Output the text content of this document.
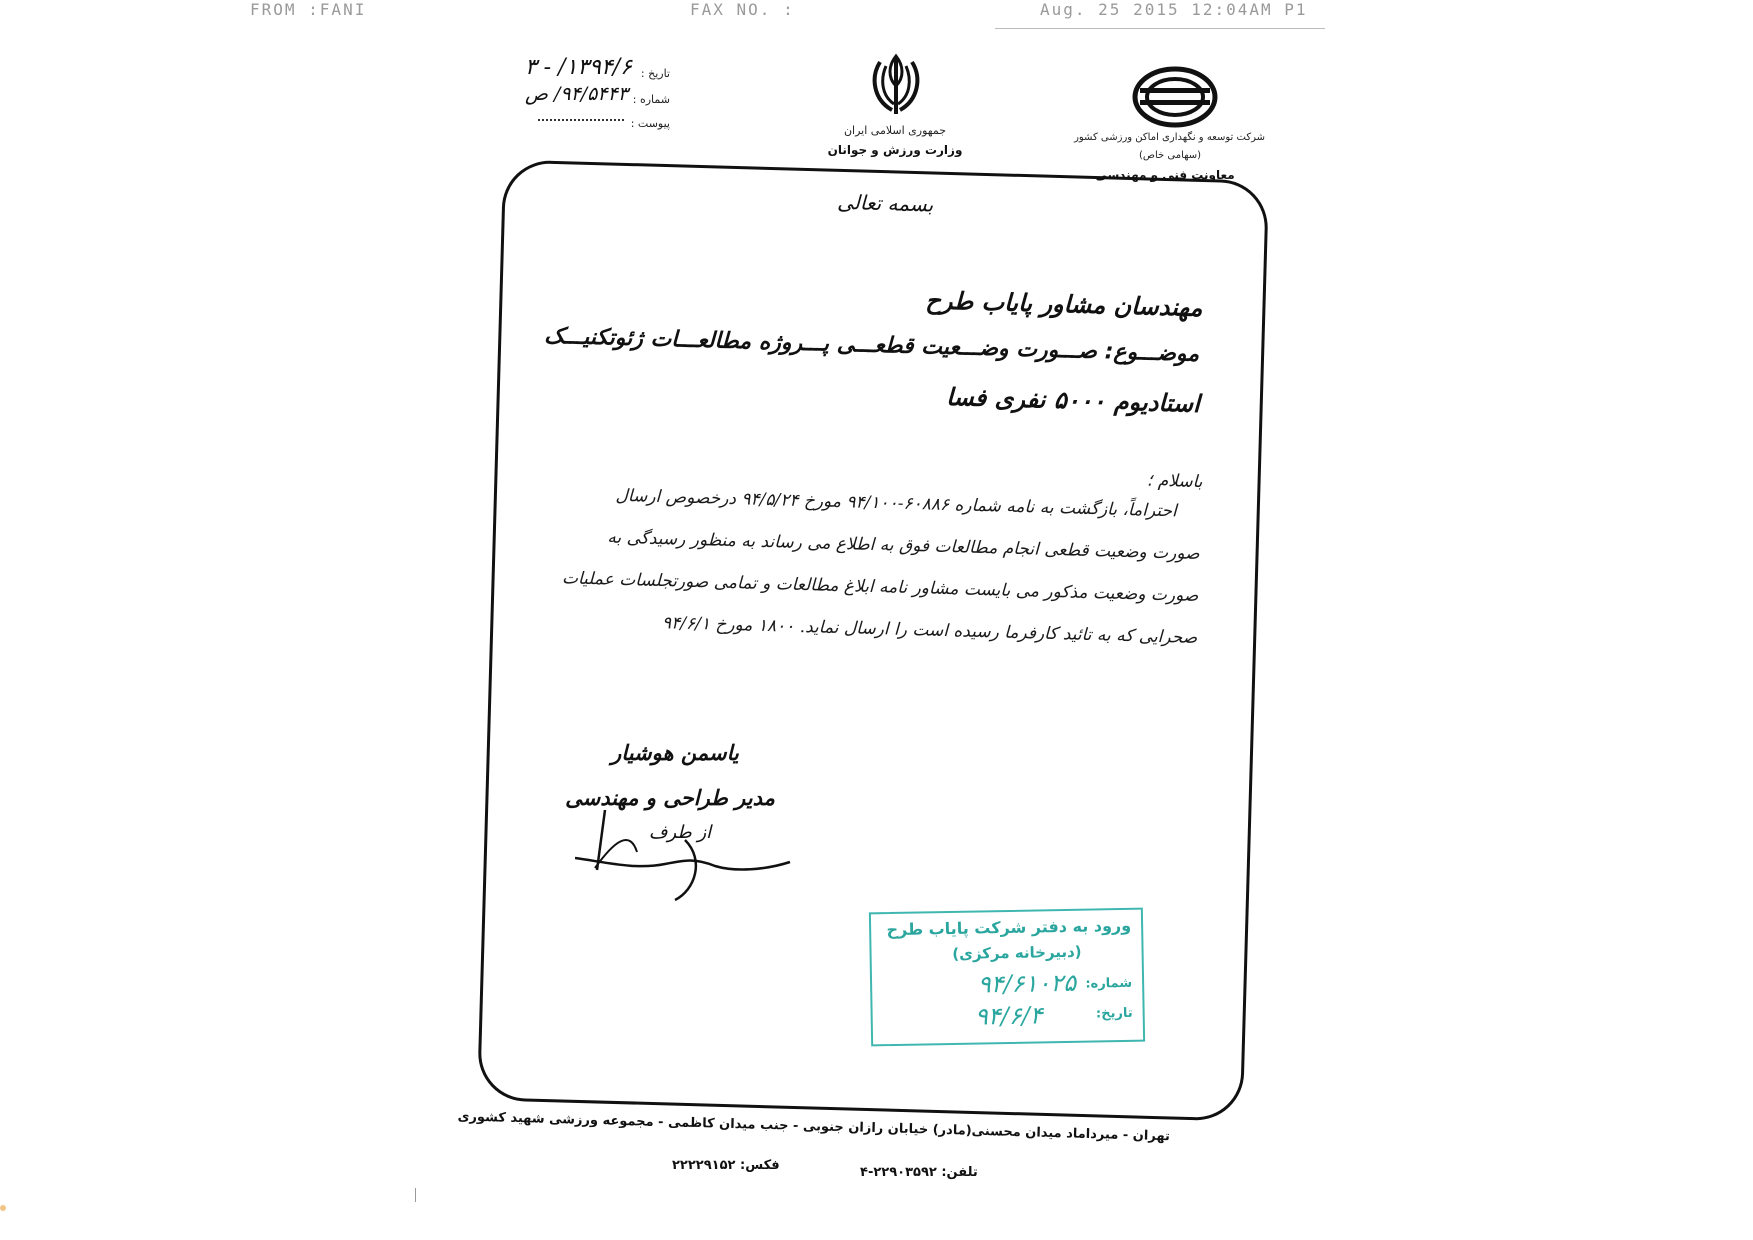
FROM :FANI	FAX NO. :	Aug. 25 2015 12:04AM P1
تاریخ :
۱۳۹۴/۶/ - ۳
شماره :
۹۴/۵۴۴۳/ ص
پیوست :
جمهوری اسلامی ایران
وزارت ورزش و جوانان
شرکت توسعه و نگهداری اماکن ورزشی کشور
(سهامی خاص)
معاونت فنی و مهندسی
بسمه تعالی
مهندسان مشاور پایاب طرح
موضـــوع: صـــورت وضـــعیت قطعـــی پـــروژه مطالعـــات ژئوتکنیـــک
استادیوم ۵۰۰۰ نفری فسا
باسلام ؛
احتراماً، بازگشت به نامه شماره ۶۰۸۸۶-۹۴/۱۰۰ مورخ ۹۴/۵/۲۴ درخصوص ارسال
صورت وضعیت قطعی انجام مطالعات فوق به اطلاع می رساند به منظور رسیدگی به
صورت وضعیت مذکور می بایست مشاور نامه ابلاغ مطالعات و تمامی صورتجلسات عملیات
صحرایی که به تائید کارفرما رسیده است را ارسال نماید. ۱۸۰۰ مورخ ۹۴/۶/۱
یاسمن هوشیار
مدیر طراحی و مهندسی
از طرف
ورود به دفتر شرکت پایاب طرح
(دبیرخانه مرکزی)
شماره:
۹۴/۶۱۰۲۵
تاریخ:
۹۴/۶/۴
تهران - میرداماد میدان محسنی(مادر) خیابان رازان جنوبی - جنب میدان کاظمی - مجموعه ورزشی شهید کشوری
تلفن: ۲۲۹۰۳۵۹۲-۴
فکس: ۲۲۲۲۹۱۵۲
